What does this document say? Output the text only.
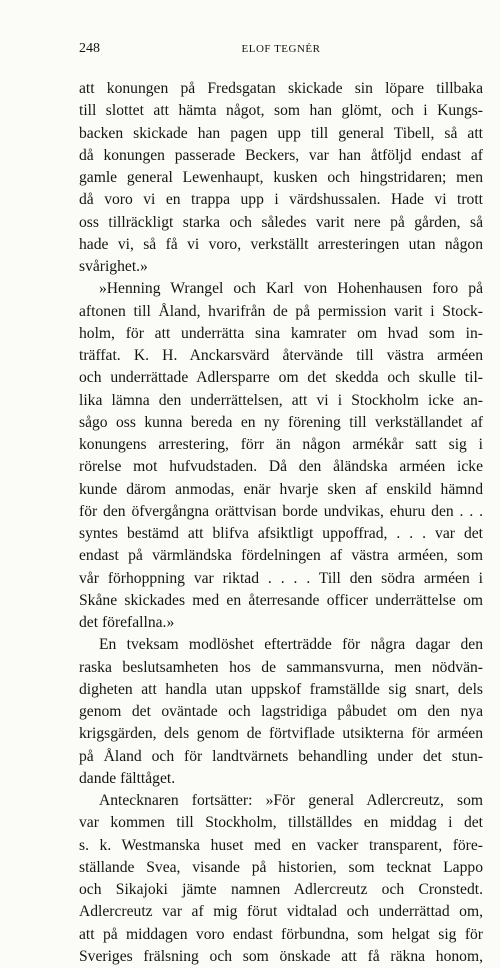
248	ELOF TEGNÉR
att konungen på Fredsgatan skickade sin löpare tillbaka
till slottet att hämta något, som han glömt, och i Kungs-
backen skickade han pagen upp till general Tibell, så att
då konungen passerade Beckers, var han åtföljd endast af
gamle general Lewenhaupt, kusken och hingstridaren; men
då voro vi en trappa upp i värdshussalen. Hade vi trott
oss tillräckligt starka och således varit nere på gården, så
hade vi, så få vi voro, verkställt arresteringen utan någon
svårighet.»
»Henning Wrangel och Karl von Hohenhausen foro på
aftonen till Åland, hvarifrån de på permission varit i Stock-
holm, för att underrätta sina kamrater om hvad som in-
träffat. K. H. Anckarsvärd återvände till västra arméen
och underrättade Adlersparre om det skedda och skulle til-
lika lämna den underrättelsen, att vi i Stockholm icke an-
sågo oss kunna bereda en ny förening till verkställandet af
konungens arrestering, förr än någon armékår satt sig i
rörelse mot hufvudstaden. Då den åländska arméen icke
kunde därom anmodas, enär hvarje sken af enskild hämnd
för den öfvergångna orättvisan borde undvikas, ehuru den . . .
syntes bestämd att blifva afsiktligt uppoffrad, . . . var det
endast på värmländska fördelningen af västra arméen, som
vår förhoppning var riktad . . . . Till den södra arméen i
Skåne skickades med en återresande officer underrättelse om
det förefallna.»
En tveksam modlöshet efterträdde för några dagar den
raska beslutsamheten hos de sammansvurna, men nödvän-
digheten att handla utan uppskof framställde sig snart, dels
genom det oväntade och lagstridiga påbudet om den nya
krigsgärden, dels genom de förtviflade utsikterna för arméen
på Åland och för landtvärnets behandling under det stun-
dande fälttåget.
Antecknaren fortsätter: »För general Adlercreutz, som
var kommen till Stockholm, tillställdes en middag i det
s. k. Westmanska huset med en vacker transparent, före-
ställande Svea, visande på historien, som tecknat Lappo
och Sikajoki jämte namnen Adlercreutz och Cronstedt.
Adlercreutz var af mig förut vidtalad och underrättad om,
att på middagen voro endast förbundna, som helgat sig för
Sveriges frälsning och som önskade att få räkna honom,
